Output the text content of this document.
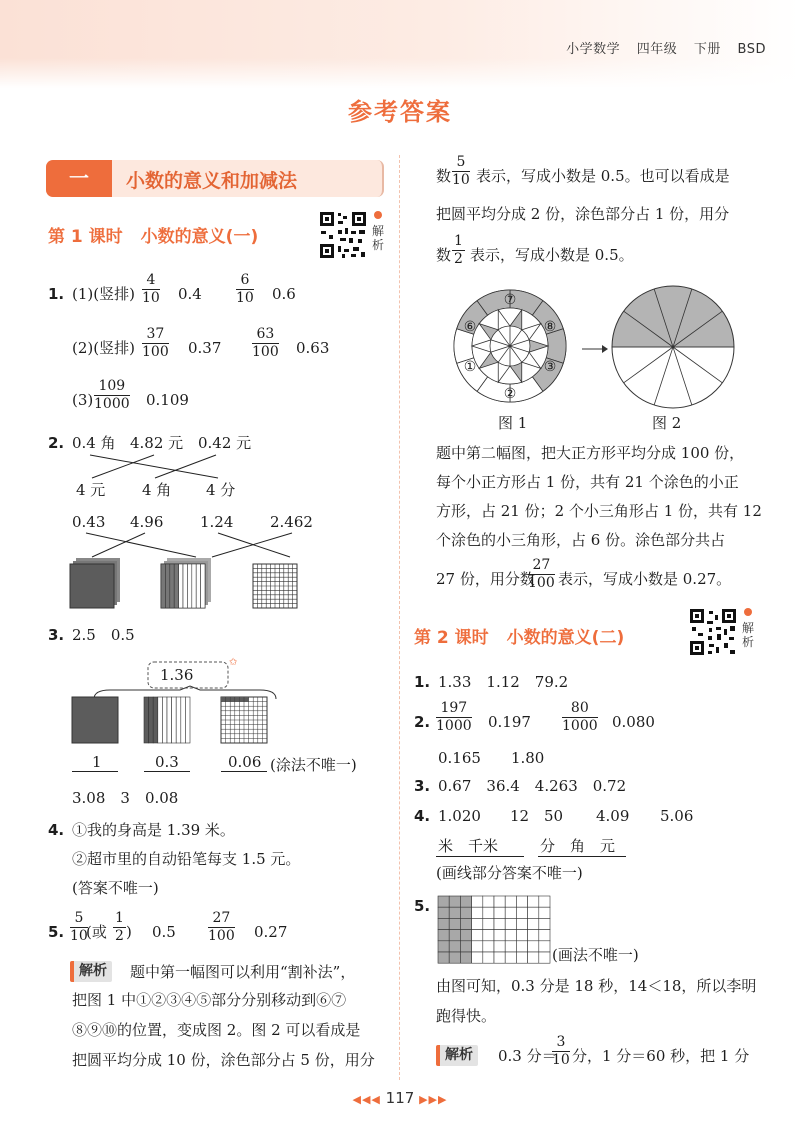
小学数学 四年级 下册 BSD
参考答案
一	小数的意义和加减法
第 1 课时 小数的意义(一)	解
析
1. (1)(竖排)
4
10 0.4
6
10 0.6
(2)(竖排)
37
100 0.37
63
100 0.63
(3)
109
1000 0.109
2. 0.4 角 4.82 元 0.42 元
4 元 4 角 4 分
0.43 4.96 1.24 2.462
3. 2.5　0.5
✩
1.36
1	0.3	0.06 (涂法不唯一)
3.08　3　0.08
4. ①我的身高是 1.39 米。
②超市里的自动铅笔每支 1.5 元。
(答案不唯一)
5.
5
10
(或
1
2 ) 0.5
27
100 0.27
解析	题中第一幅图可以利用“割补法”，
把图 1 中①②③④⑤部分分别移动到⑥⑦
⑧⑨⑩的位置，变成图 2。图 2 可以看成是
把圆平均分成 10 份，涂色部分占 5 份，用分
数
5
10 表示，写成小数是 0.5。也可以看成是
把圆平均分成 2 份，涂色部分占 1 份，用分
数
1
2 表示，写成小数是 0.5。
⑦
⑧
③
②
①
⑥
图 1	图 2
题中第二幅图，把大正方形平均分成 100 份，
每个小正方形占 1 份，共有 21 个涂色的小正
方形，占 21 份；2 个小三角形占 1 份，共有 12
个涂色的小三角形，占 6 份。涂色部分共占
27 份，用分数
27
100 表示，写成小数是 0.27。
第 2 课时 小数的意义(二)	解
析
1. 1.33　1.12　79.2
2.
197
1000 0.197
80
1000 0.080
0.165　　1.80
3. 0.67　36.4　4.263　0.72
4. 1.020 12 50 4.09 5.06
米　千米	分　角　元
(画线部分答案不唯一)
5.
(画法不唯一)
由图可知，0.3 分是 18 秒，14＜18，所以李明
跑得快。
解析	0.3 分＝
3
10 分，1 分＝60 秒，把 1 分
◀◀◀ 117 ▶▶▶
